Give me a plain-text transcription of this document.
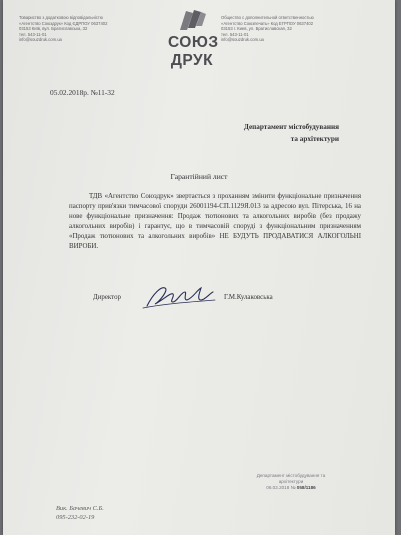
Товариство з додатковою відповідальністю
«Агентство Союздрук» Код ЄДРПОУ 0637402
03153 Київ, вул. Братиславська, 32
тел. 543-11-01
info@souzdruk.com.ua	СОЮЗ
ДРУК
Общество с дополнительной ответственностью
«Агентство Союзпечать» Код ЕГРПОУ 0637402
03153 г. Киев, ул. Братиславская, 32
тел. 543-11-01
info@souzdruk.com.ua
05.02.2018р. №11-32
Департамент містобудування
та архітектури
Гарантійний лист

ТДВ «Агентство Союздрук» звертається з проханням змінити функціональне призначення паспорту прив'язки тимчасової споруди 26001194-СП.1129Я.013 за адресою вул. Пітерська, 16 на нове функціональне призначення: Продаж тютюнових та алкогольних виробів (без продажу алкогольних виробів) і гарантує, що в тимчасовій споруді з функціональним призначенням «Продаж тютюнових та алкогольних виробів» НЕ БУДУТЬ ПРОДАВАТИСЯ АЛКОГОЛЬНІ ВИРОБИ.

Директор	Г.М.Кулаковська
Департамент містобудування та
архітектури
06.02.2018 № 058/1186
Вик. Бачевич С.Б.
095-232-02-19
